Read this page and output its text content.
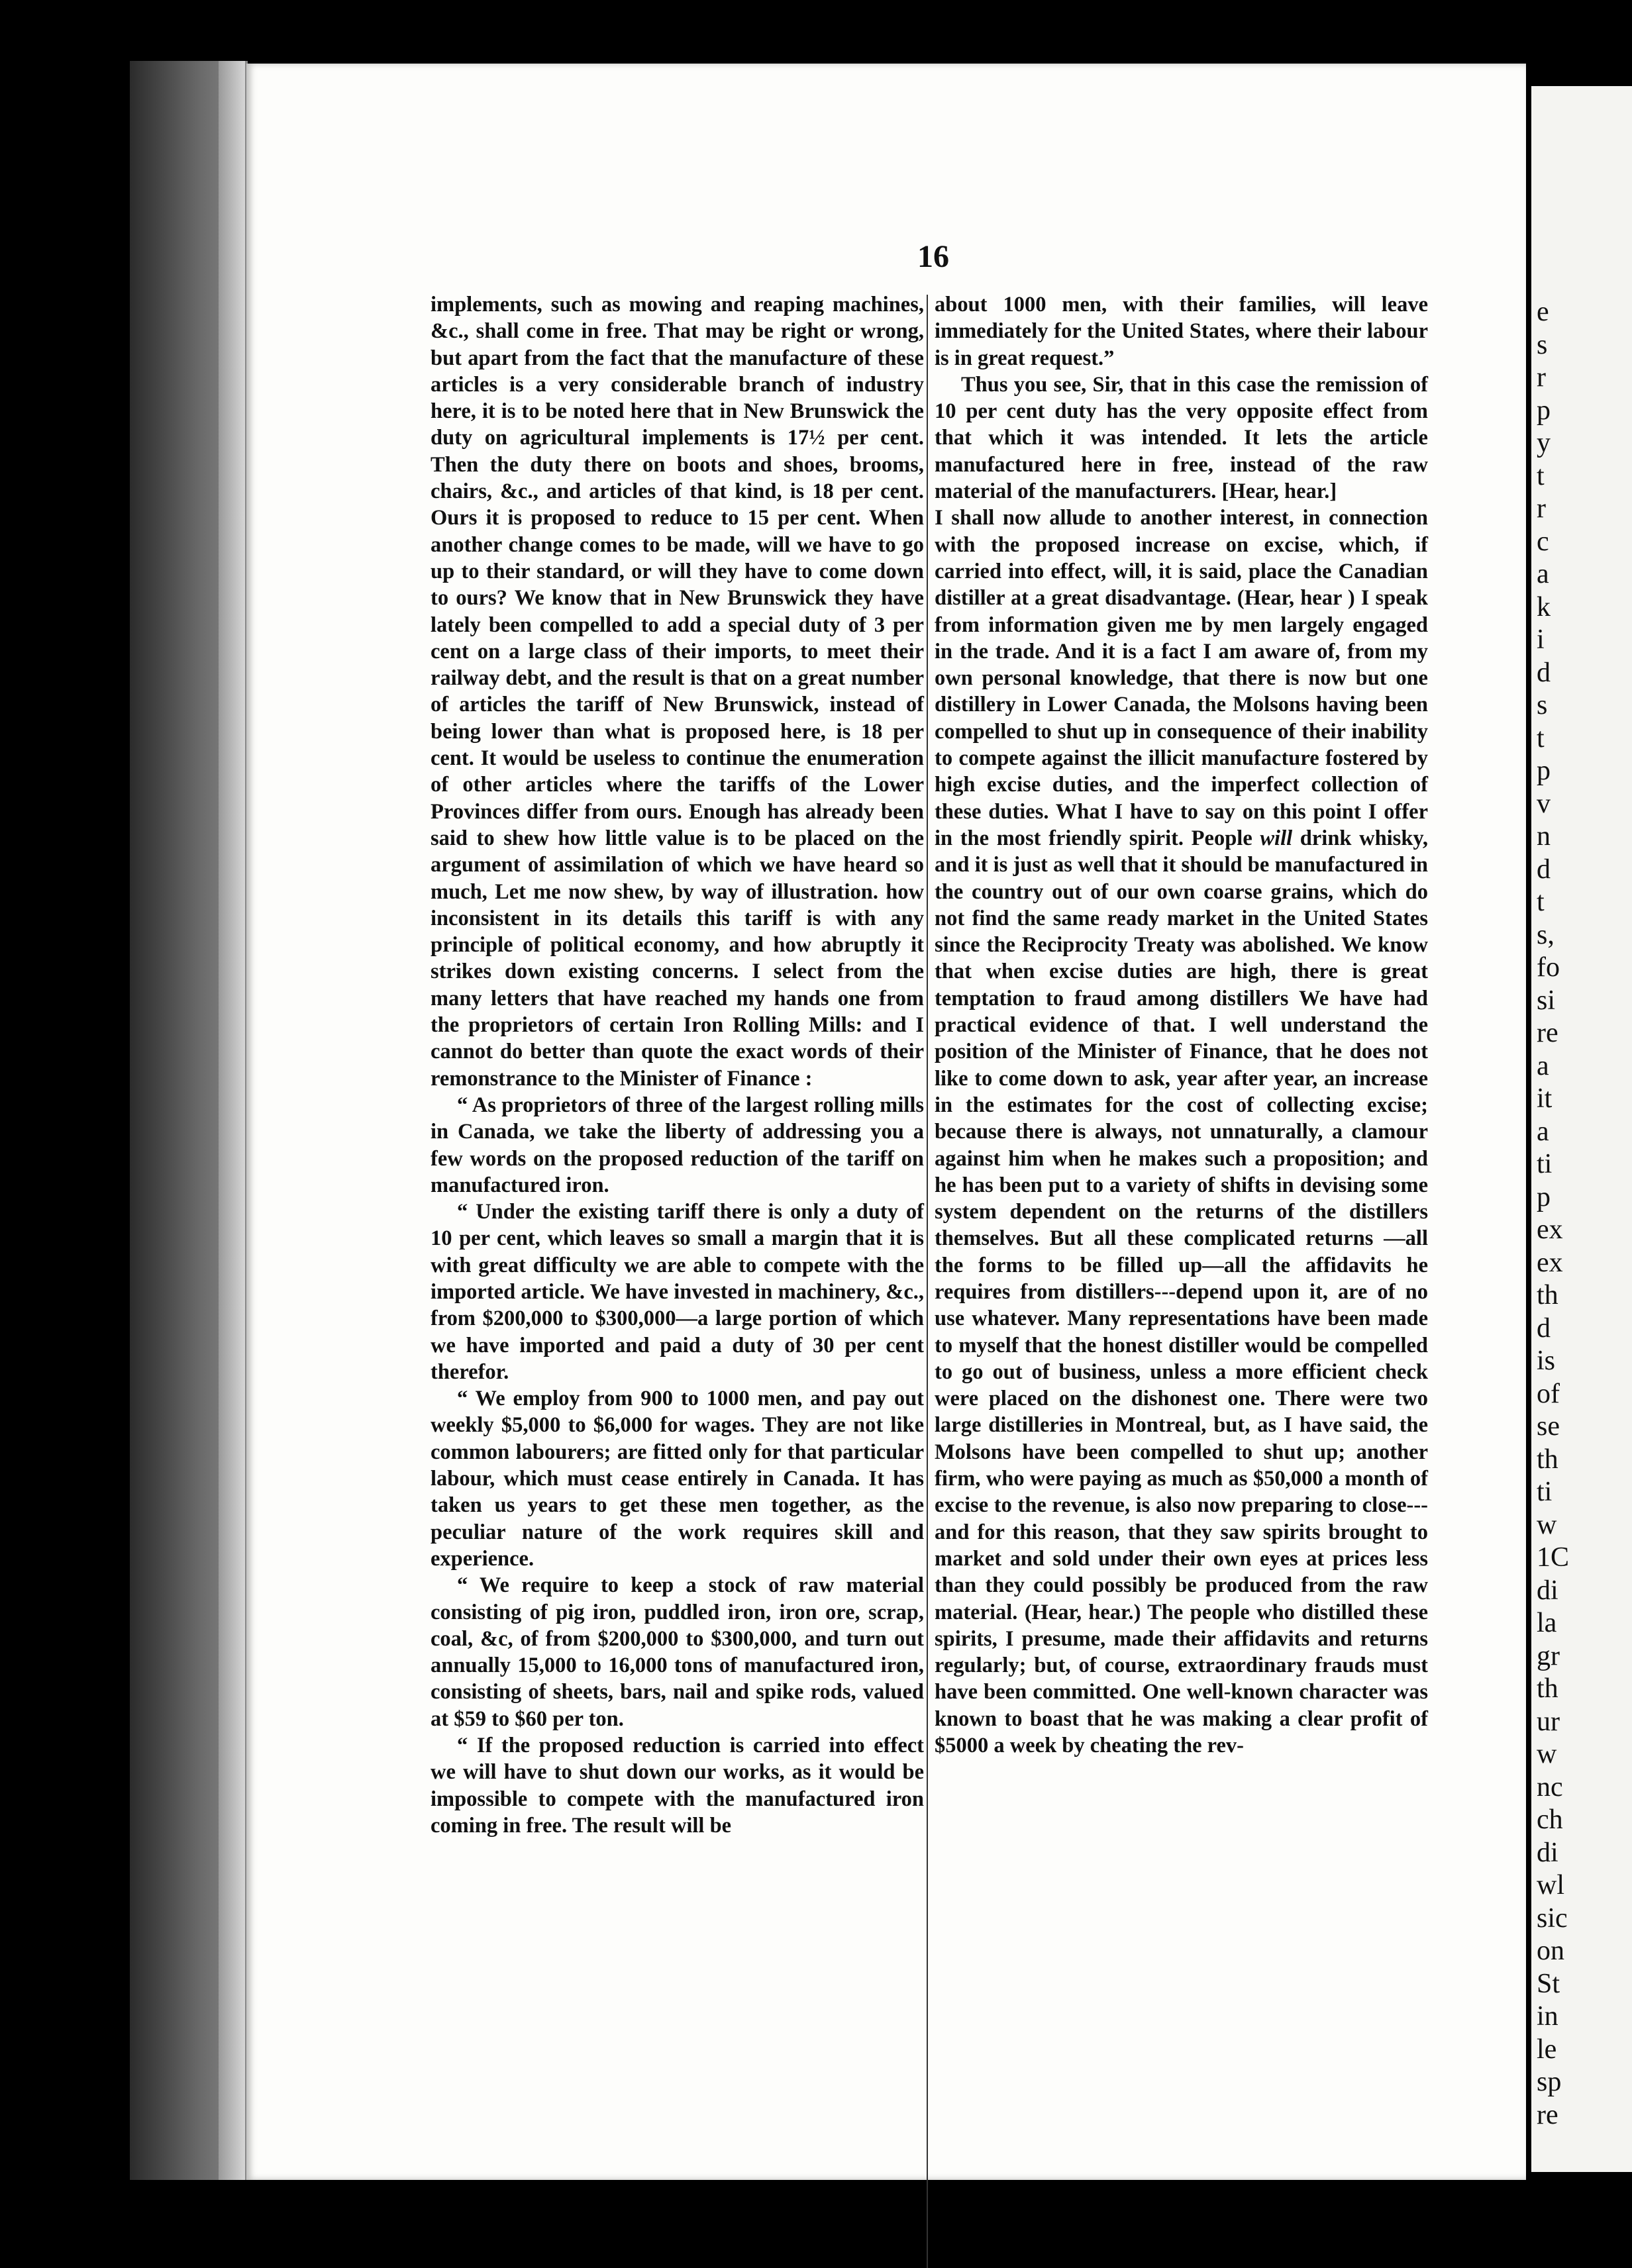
e
s
r
p
y
t
r
c
a
k
i
d
s
t
p
v
n
d
t
s,
fo
si
re
a
it
a
ti
p
ex
ex
th
d
is
of
se
th
ti
w
1C
di
la
gr
th
ur
w
nc
ch
di
wl
sic
on
St
in
le
sp
re
16

implements, such as mowing and reaping machines, &c., shall come in free. That may be right or wrong, but apart from the fact that the manufacture of these articles is a very considerable branch of industry here, it is to be noted here that in New Brunswick the duty on agricultural implements is 17½ per cent. Then the duty there on boots and shoes, brooms, chairs, &c., and articles of that kind, is 18 per cent. Ours it is proposed to reduce to 15 per cent. When another change comes to be made, will we have to go up to their standard, or will they have to come down to ours? We know that in New Brunswick they have lately been compelled to add a special duty of 3 per cent on a large class of their imports, to meet their railway debt, and the result is that on a great number of articles the tariff of New Brunswick, instead of being lower than what is proposed here, is 18 per cent. It would be useless to continue the enumeration of other articles where the tariffs of the Lower Provinces differ from ours. Enough has already been said to shew how little value is to be placed on the argument of assimilation of which we have heard so much, Let me now shew, by way of illustration. how inconsistent in its details this tariff is with any principle of political economy, and how abruptly it strikes down existing concerns. I select from the many letters that have reached my hands one from the proprietors of certain Iron Rolling Mills: and I cannot do better than quote the exact words of their remonstrance to the Minister of Finance :

“ As proprietors of three of the largest rolling mills in Canada, we take the liberty of addressing you a few words on the proposed reduction of the tariff on manufactured iron.

“ Under the existing tariff there is only a duty of 10 per cent, which leaves so small a margin that it is with great difficulty we are able to compete with the imported article. We have invested in machinery, &c., from $200,000 to $300,000—a large portion of which we have imported and paid a duty of 30 per cent therefor.

“ We employ from 900 to 1000 men, and pay out weekly $5,000 to $6,000 for wages. They are not like common labourers; are fitted only for that particular labour, which must cease entirely in Canada. It has taken us years to get these men together, as the peculiar nature of the work requires skill and experience.

“ We require to keep a stock of raw material consisting of pig iron, puddled iron, iron ore, scrap, coal, &c, of from $200,000 to $300,000, and turn out annually 15,000 to 16,000 tons of manufactured iron, consisting of sheets, bars, nail and spike rods, valued at $59 to $60 per ton.

“ If the proposed reduction is carried into effect we will have to shut down our works, as it would be impossible to compete with the manufactured iron coming in free. The result will be

about 1000 men, with their families, will leave immediately for the United States, where their labour is in great request.”

Thus you see, Sir, that in this case the remission of 10 per cent duty has the very opposite effect from that which it was intended. It lets the article manufactured here in free, instead of the raw material of the manufacturers. [Hear, hear.]

I shall now allude to another interest, in connection with the proposed increase on excise, which, if carried into effect, will, it is said, place the Canadian distiller at a great disadvantage. (Hear, hear ) I speak from information given me by men largely engaged in the trade. And it is a fact I am aware of, from my own personal knowledge, that there is now but one distillery in Lower Canada, the Molsons having been compelled to shut up in consequence of their inability to compete against the illicit manufacture fostered by high excise duties, and the imperfect collection of these duties. What I have to say on this point I offer in the most friendly spirit. People will drink whisky, and it is just as well that it should be manufactured in the country out of our own coarse grains, which do not find the same ready market in the United States since the Reciprocity Treaty was abolished. We know that when excise duties are high, there is great temptation to fraud among distillers We have had practical evidence of that. I well understand the position of the Minister of Finance, that he does not like to come down to ask, year after year, an increase in the estimates for the cost of collecting excise; because there is always, not unnaturally, a clamour against him when he makes such a proposition; and he has been put to a variety of shifts in devising some system dependent on the returns of the distillers themselves. But all these complicated returns —all the forms to be filled up—all the affidavits he requires from distillers---depend upon it, are of no use whatever. Many representations have been made to myself that the honest distiller would be compelled to go out of business, unless a more efficient check were placed on the dishonest one. There were two large distilleries in Montreal, but, as I have said, the Molsons have been compelled to shut up; another firm, who were paying as much as $50,000 a month of excise to the revenue, is also now preparing to close---and for this reason, that they saw spirits brought to market and sold under their own eyes at prices less than they could possibly be produced from the raw material. (Hear, hear.) The people who distilled these spirits, I presume, made their affidavits and returns regularly; but, of course, extraordinary frauds must have been committed. One well-known character was known to boast that he was making a clear profit of $5000 a week by cheating the rev-
